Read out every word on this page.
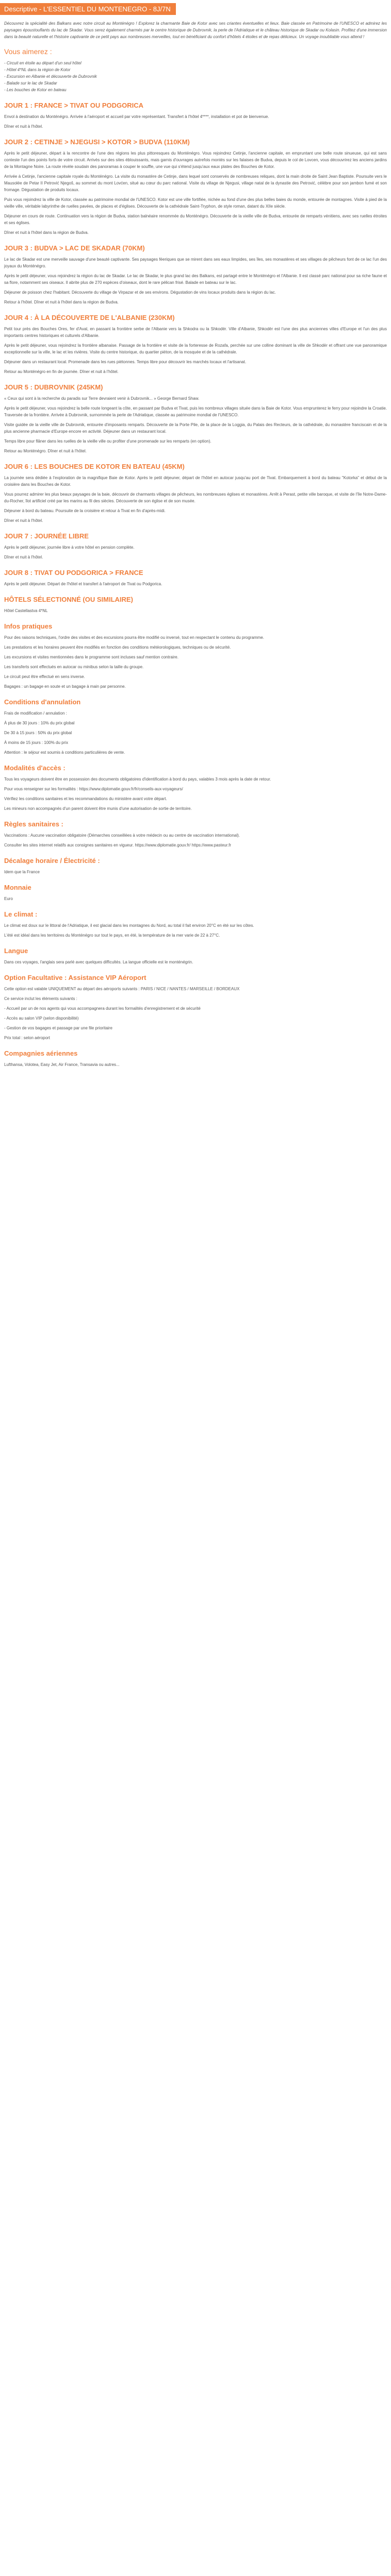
Descriptive - L'ESSENTIEL DU MONTENEGRO - 8J/7N

Découvrez la spécialité des Balkans avec notre circuit au Monténégro ! Explorez la charmante Baie de Kotor avec ses criantes éventuelles et lieux. Baie classée en Patrimoine de l'UNESCO et admirez les paysages époustouflants du lac de Skadar. Vous serez également charmés par le centre historique de Dubrovnik, la perle de l'Adriatique et le château historique de Skadar ou Kolasin. Profitez d'une immersion dans la beauté naturelle et l'histoire captivante de ce petit pays aux nombreuses merveilles, tout en bénéficiant du confort d'hôtels 4 étoiles et de repas délicieux. Un voyage inoubliable vous attend !

Vous aimerez :
- Circuit en étoile au départ d'un seul hôtel
- Hôtel 4*NL dans la région de Kotor
- Excursion en Albanie et découverte de Dubrovnik
- Balade sur le lac de Skadar
- Les bouches de Kotor en bateau
JOUR 1 : FRANCE > TIVAT OU PODGORICA

Envol à destination du Monténégro. Arrivée à l'aéroport et accueil par votre représentant. Transfert à l'hôtel 4****, installation et pot de bienvenue.

Dîner et nuit à l'hôtel.

JOUR 2 : CETINJE > NJEGUSI > KOTOR > BUDVA (110KM)

Après le petit déjeuner, départ à la rencontre de l'une des régions les plus pittoresques du Monténégro. Vous rejoindrez Cetinje, l'ancienne capitale, en empruntant une belle route sinueuse, qui est sans conteste l'un des points forts de votre circuit. Arrivés sur des sites éblouissants, mais garnis d'ouvrages autrefois montés sur les falaises de Budva, depuis le col de Lovcen, vous découvrirez les anciens jardins de la Montagne Noire. La route révèle soudain des panoramas à couper le souffle, une vue qui s'étend jusqu'aux eaux plates des Bouches de Kotor.

Arrivée à Cetinje, l'ancienne capitale royale du Monténégro. La visite du monastère de Cetinje, dans lequel sont conservés de nombreuses reliques, dont la main droite de Saint Jean Baptiste. Poursuite vers le Mausolée de Petar II Petrović Njegoš, au sommet du mont Lovćen, situé au cœur du parc national. Visite du village de Njegusi, village natal de la dynastie des Petrović, célèbre pour son jambon fumé et son fromage. Dégustation de produits locaux.

Puis vous rejoindrez la ville de Kotor, classée au patrimoine mondial de l'UNESCO. Kotor est une ville fortifiée, nichée au fond d'une des plus belles baies du monde, entourée de montagnes. Visite à pied de la vieille ville, véritable labyrinthe de ruelles pavées, de places et d'églises. Découverte de la cathédrale Saint-Tryphon, de style roman, datant du XIIe siècle.

Déjeuner en cours de route. Continuation vers la région de Budva, station balnéaire renommée du Monténégro. Découverte de la vieille ville de Budva, entourée de remparts vénitiens, avec ses ruelles étroites et ses églises.

Dîner et nuit à l'hôtel dans la région de Budva.

JOUR 3 : BUDVA > LAC DE SKADAR (70KM)

Le lac de Skadar est une merveille sauvage d'une beauté captivante. Ses paysages féeriques que se mirent dans ses eaux limpides, ses îles, ses monastères et ses villages de pêcheurs font de ce lac l'un des joyaux du Monténégro.

Après le petit déjeuner, vous rejoindrez la région du lac de Skadar. Le lac de Skadar, le plus grand lac des Balkans, est partagé entre le Monténégro et l'Albanie. Il est classé parc national pour sa riche faune et sa flore, notamment ses oiseaux. Il abrite plus de 270 espèces d'oiseaux, dont le rare pélican frisé. Balade en bateau sur le lac.

Déjeuner de poisson chez l'habitant. Découverte du village de Virpazar et de ses environs. Dégustation de vins locaux produits dans la région du lac.

Retour à l'hôtel. Dîner et nuit à l'hôtel dans la région de Budva.

JOUR 4 : À LA DÉCOUVERTE DE L'ALBANIE (230KM)

Petit tour près des Bouches Ores, fer d'Aval, en passant la frontière serbe de l'Albanie vers la Shkodra ou la Shkodër. Ville d'Albanie, Shkodër est l'une des plus anciennes villes d'Europe et l'un des plus importants centres historiques et culturels d'Albanie.

Après le petit déjeuner, vous rejoindrez la frontière albanaise. Passage de la frontière et visite de la forteresse de Rozafa, perchée sur une colline dominant la ville de Shkodër et offrant une vue panoramique exceptionnelle sur la ville, le lac et les rivières. Visite du centre historique, du quartier piéton, de la mosquée et de la cathédrale.

Déjeuner dans un restaurant local. Promenade dans les rues piétonnes. Temps libre pour découvrir les marchés locaux et l'artisanat.

Retour au Monténégro en fin de journée. Dîner et nuit à l'hôtel.

JOUR 5 : DUBROVNIK (245KM)

« Ceux qui sont à la recherche du paradis sur Terre devraient venir à Dubrovnik... » George Bernard Shaw.

Après le petit déjeuner, vous rejoindrez la belle route longeant la côte, en passant par Budva et Tivat, puis les nombreux villages située dans la Baie de Kotor. Vous emprunterez le ferry pour rejoindre la Croatie. Traversée de la frontière. Arrivée à Dubrovnik, surnommée la perle de l'Adriatique, classée au patrimoine mondial de l'UNESCO.

Visite guidée de la vieille ville de Dubrovnik, entourée d'imposants remparts. Découverte de la Porte Pile, de la place de la Loggia, du Palais des Recteurs, de la cathédrale, du monastère franciscain et de la plus ancienne pharmacie d'Europe encore en activité. Déjeuner dans un restaurant local.

Temps libre pour flâner dans les ruelles de la vieille ville ou profiter d'une promenade sur les remparts (en option).

Retour au Monténégro. Dîner et nuit à l'hôtel.

JOUR 6 : LES BOUCHES DE KOTOR EN BATEAU (45KM)

La journée sera dédiée à l'exploration de la magnifique Baie de Kotor. Après le petit déjeuner, départ de l'hôtel en autocar jusqu'au port de Tivat. Embarquement à bord du bateau "Kotorka" et début de la croisière dans les Bouches de Kotor.

Vous pourrez admirer les plus beaux paysages de la baie, découvrir de charmants villages de pêcheurs, les nombreuses églises et monastères. Arrêt à Perast, petite ville baroque, et visite de l'île Notre-Dame-du-Rocher, îlot artificiel créé par les marins au fil des siècles. Découverte de son église et de son musée.

Déjeuner à bord du bateau. Poursuite de la croisière et retour à Tivat en fin d'après-midi.

Dîner et nuit à l'hôtel.

JOUR 7 : JOURNÉE LIBRE

Après le petit déjeuner, journée libre à votre hôtel en pension complète.

Dîner et nuit à l'hôtel.

JOUR 8 : TIVAT OU PODGORICA > FRANCE

Après le petit déjeuner. Départ de l'hôtel et transfert à l'aéroport de Tivat ou Podgorica.

HÔTELS SÉLECTIONNÉ (OU SIMILAIRE)

Hôtel Castellastva 4*NL

Infos pratiques

Pour des raisons techniques, l'ordre des visites et des excursions pourra être modifié ou inversé, tout en respectant le contenu du programme.

Les prestations et les horaires peuvent être modifiés en fonction des conditions météorologiques, techniques ou de sécurité.

Les excursions et visites mentionnées dans le programme sont incluses sauf mention contraire.

Les transferts sont effectués en autocar ou minibus selon la taille du groupe.

Le circuit peut être effectué en sens inverse.

Bagages : un bagage en soute et un bagage à main par personne.

Conditions d'annulation

Frais de modification / annulation :

À plus de 30 jours : 10% du prix global

De 30 à 15 jours : 50% du prix global

À moins de 15 jours : 100% du prix

Attention : le séjour est soumis à conditions particulières de vente.

Modalités d'accès :

Tous les voyageurs doivent être en possession des documents obligatoires d'identification à bord du pays, valables 3 mois après la date de retour.

Pour vous renseigner sur les formalités : https://www.diplomatie.gouv.fr/fr/conseils-aux-voyageurs/

Vérifiez les conditions sanitaires et les recommandations du ministère avant votre départ.

Les mineurs non accompagnés d'un parent doivent être munis d'une autorisation de sortie de territoire.

Règles sanitaires :

Vaccinations : Aucune vaccination obligatoire (Démarches conseillées à votre médecin ou au centre de vaccination international).

Consulter les sites internet relatifs aux consignes sanitaires en vigueur. https://www.diplomatie.gouv.fr/ https://www.pasteur.fr

Décalage horaire / Électricité :

Idem que la France

Monnaie

Euro

Le climat :

Le climat est doux sur le littoral de l'Adriatique, il est glacial dans les montagnes du Nord, au total il fait environ 20°C en été sur les côtes.

L'été est idéal dans les territoires du Monténégro sur tout le pays, en été, la température de la mer varie de 22 à 27°C.

Langue

Dans ces voyages, l'anglais sera parlé avec quelques difficultés. La langue officielle est le monténégrin.

Option Facultative : Assistance VIP Aéroport

Cette option est valable UNIQUEMENT au départ des aéroports suivants : PARIS / NICE / NANTES / MARSEILLE / BORDEAUX

Ce service inclut les éléments suivants :

- Accueil par un de nos agents qui vous accompagnera durant les formalités d'enregistrement et de sécurité

- Accès au salon VIP (selon disponibilité)

- Gestion de vos bagages et passage par une file prioritaire

Prix total : selon aéroport

Compagnies aériennes

Lufthansa, Volotea, Easy Jet, Air France, Transavia ou autres...
